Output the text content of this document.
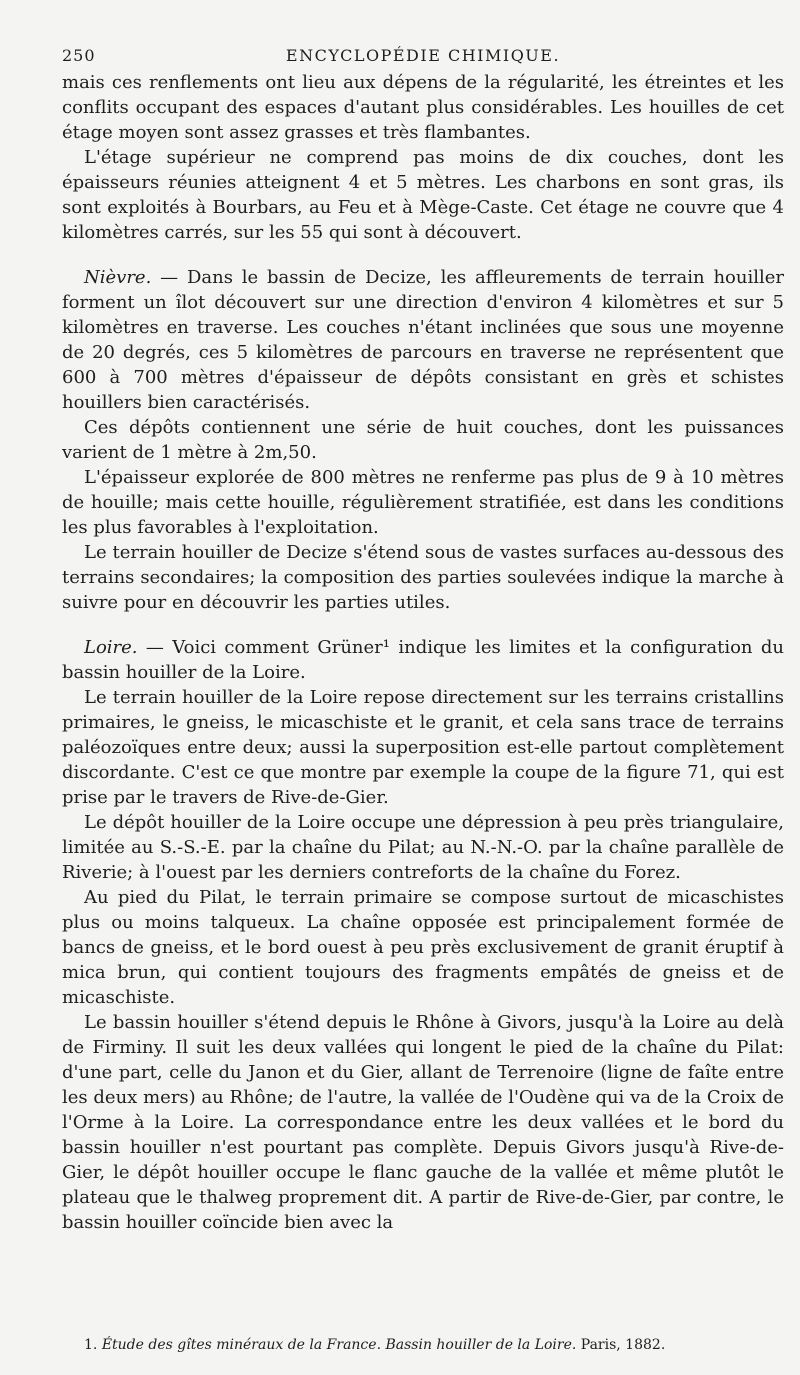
250	ENCYCLOPÉDIE CHIMIQUE.

mais ces renflements ont lieu aux dépens de la régularité, les étreintes et les conflits occupant des espaces d'autant plus considérables. Les houilles de cet étage moyen sont assez grasses et très flambantes.

L'étage supérieur ne comprend pas moins de dix couches, dont les épaisseurs réunies atteignent 4 et 5 mètres. Les charbons en sont gras, ils sont exploités à Bourbars, au Feu et à Mège-Caste. Cet étage ne couvre que 4 kilomètres carrés, sur les 55 qui sont à découvert.

Nièvre. — Dans le bassin de Decize, les affleurements de terrain houiller forment un îlot découvert sur une direction d'environ 4 kilomètres et sur 5 kilomètres en traverse. Les couches n'étant inclinées que sous une moyenne de 20 degrés, ces 5 kilomètres de parcours en traverse ne représentent que 600 à 700 mètres d'épaisseur de dépôts consistant en grès et schistes houillers bien caractérisés.

Ces dépôts contiennent une série de huit couches, dont les puissances varient de 1 mètre à 2m,50.

L'épaisseur explorée de 800 mètres ne renferme pas plus de 9 à 10 mètres de houille; mais cette houille, régulièrement stratifiée, est dans les conditions les plus favorables à l'exploitation.

Le terrain houiller de Decize s'étend sous de vastes surfaces au-dessous des terrains secondaires; la composition des parties soulevées indique la marche à suivre pour en découvrir les parties utiles.

Loire. — Voici comment Grüner¹ indique les limites et la configuration du bassin houiller de la Loire.

Le terrain houiller de la Loire repose directement sur les terrains cristallins primaires, le gneiss, le micaschiste et le granit, et cela sans trace de terrains paléozoïques entre deux; aussi la superposition est-elle partout complètement discordante. C'est ce que montre par exemple la coupe de la figure 71, qui est prise par le travers de Rive-de-Gier.

Le dépôt houiller de la Loire occupe une dépression à peu près triangulaire, limitée au S.-S.-E. par la chaîne du Pilat; au N.-N.-O. par la chaîne parallèle de Riverie; à l'ouest par les derniers contreforts de la chaîne du Forez.

Au pied du Pilat, le terrain primaire se compose surtout de micaschistes plus ou moins talqueux. La chaîne opposée est principalement formée de bancs de gneiss, et le bord ouest à peu près exclusivement de granit éruptif à mica brun, qui contient toujours des fragments empâtés de gneiss et de micaschiste.

Le bassin houiller s'étend depuis le Rhône à Givors, jusqu'à la Loire au delà de Firminy. Il suit les deux vallées qui longent le pied de la chaîne du Pilat: d'une part, celle du Janon et du Gier, allant de Terrenoire (ligne de faîte entre les deux mers) au Rhône; de l'autre, la vallée de l'Oudène qui va de la Croix de l'Orme à la Loire. La correspondance entre les deux vallées et le bord du bassin houiller n'est pourtant pas complète. Depuis Givors jusqu'à Rive-de-Gier, le dépôt houiller occupe le flanc gauche de la vallée et même plutôt le plateau que le thalweg proprement dit. A partir de Rive-de-Gier, par contre, le bassin houiller coïncide bien avec la

1. Étude des gîtes minéraux de la France. Bassin houiller de la Loire. Paris, 1882.
